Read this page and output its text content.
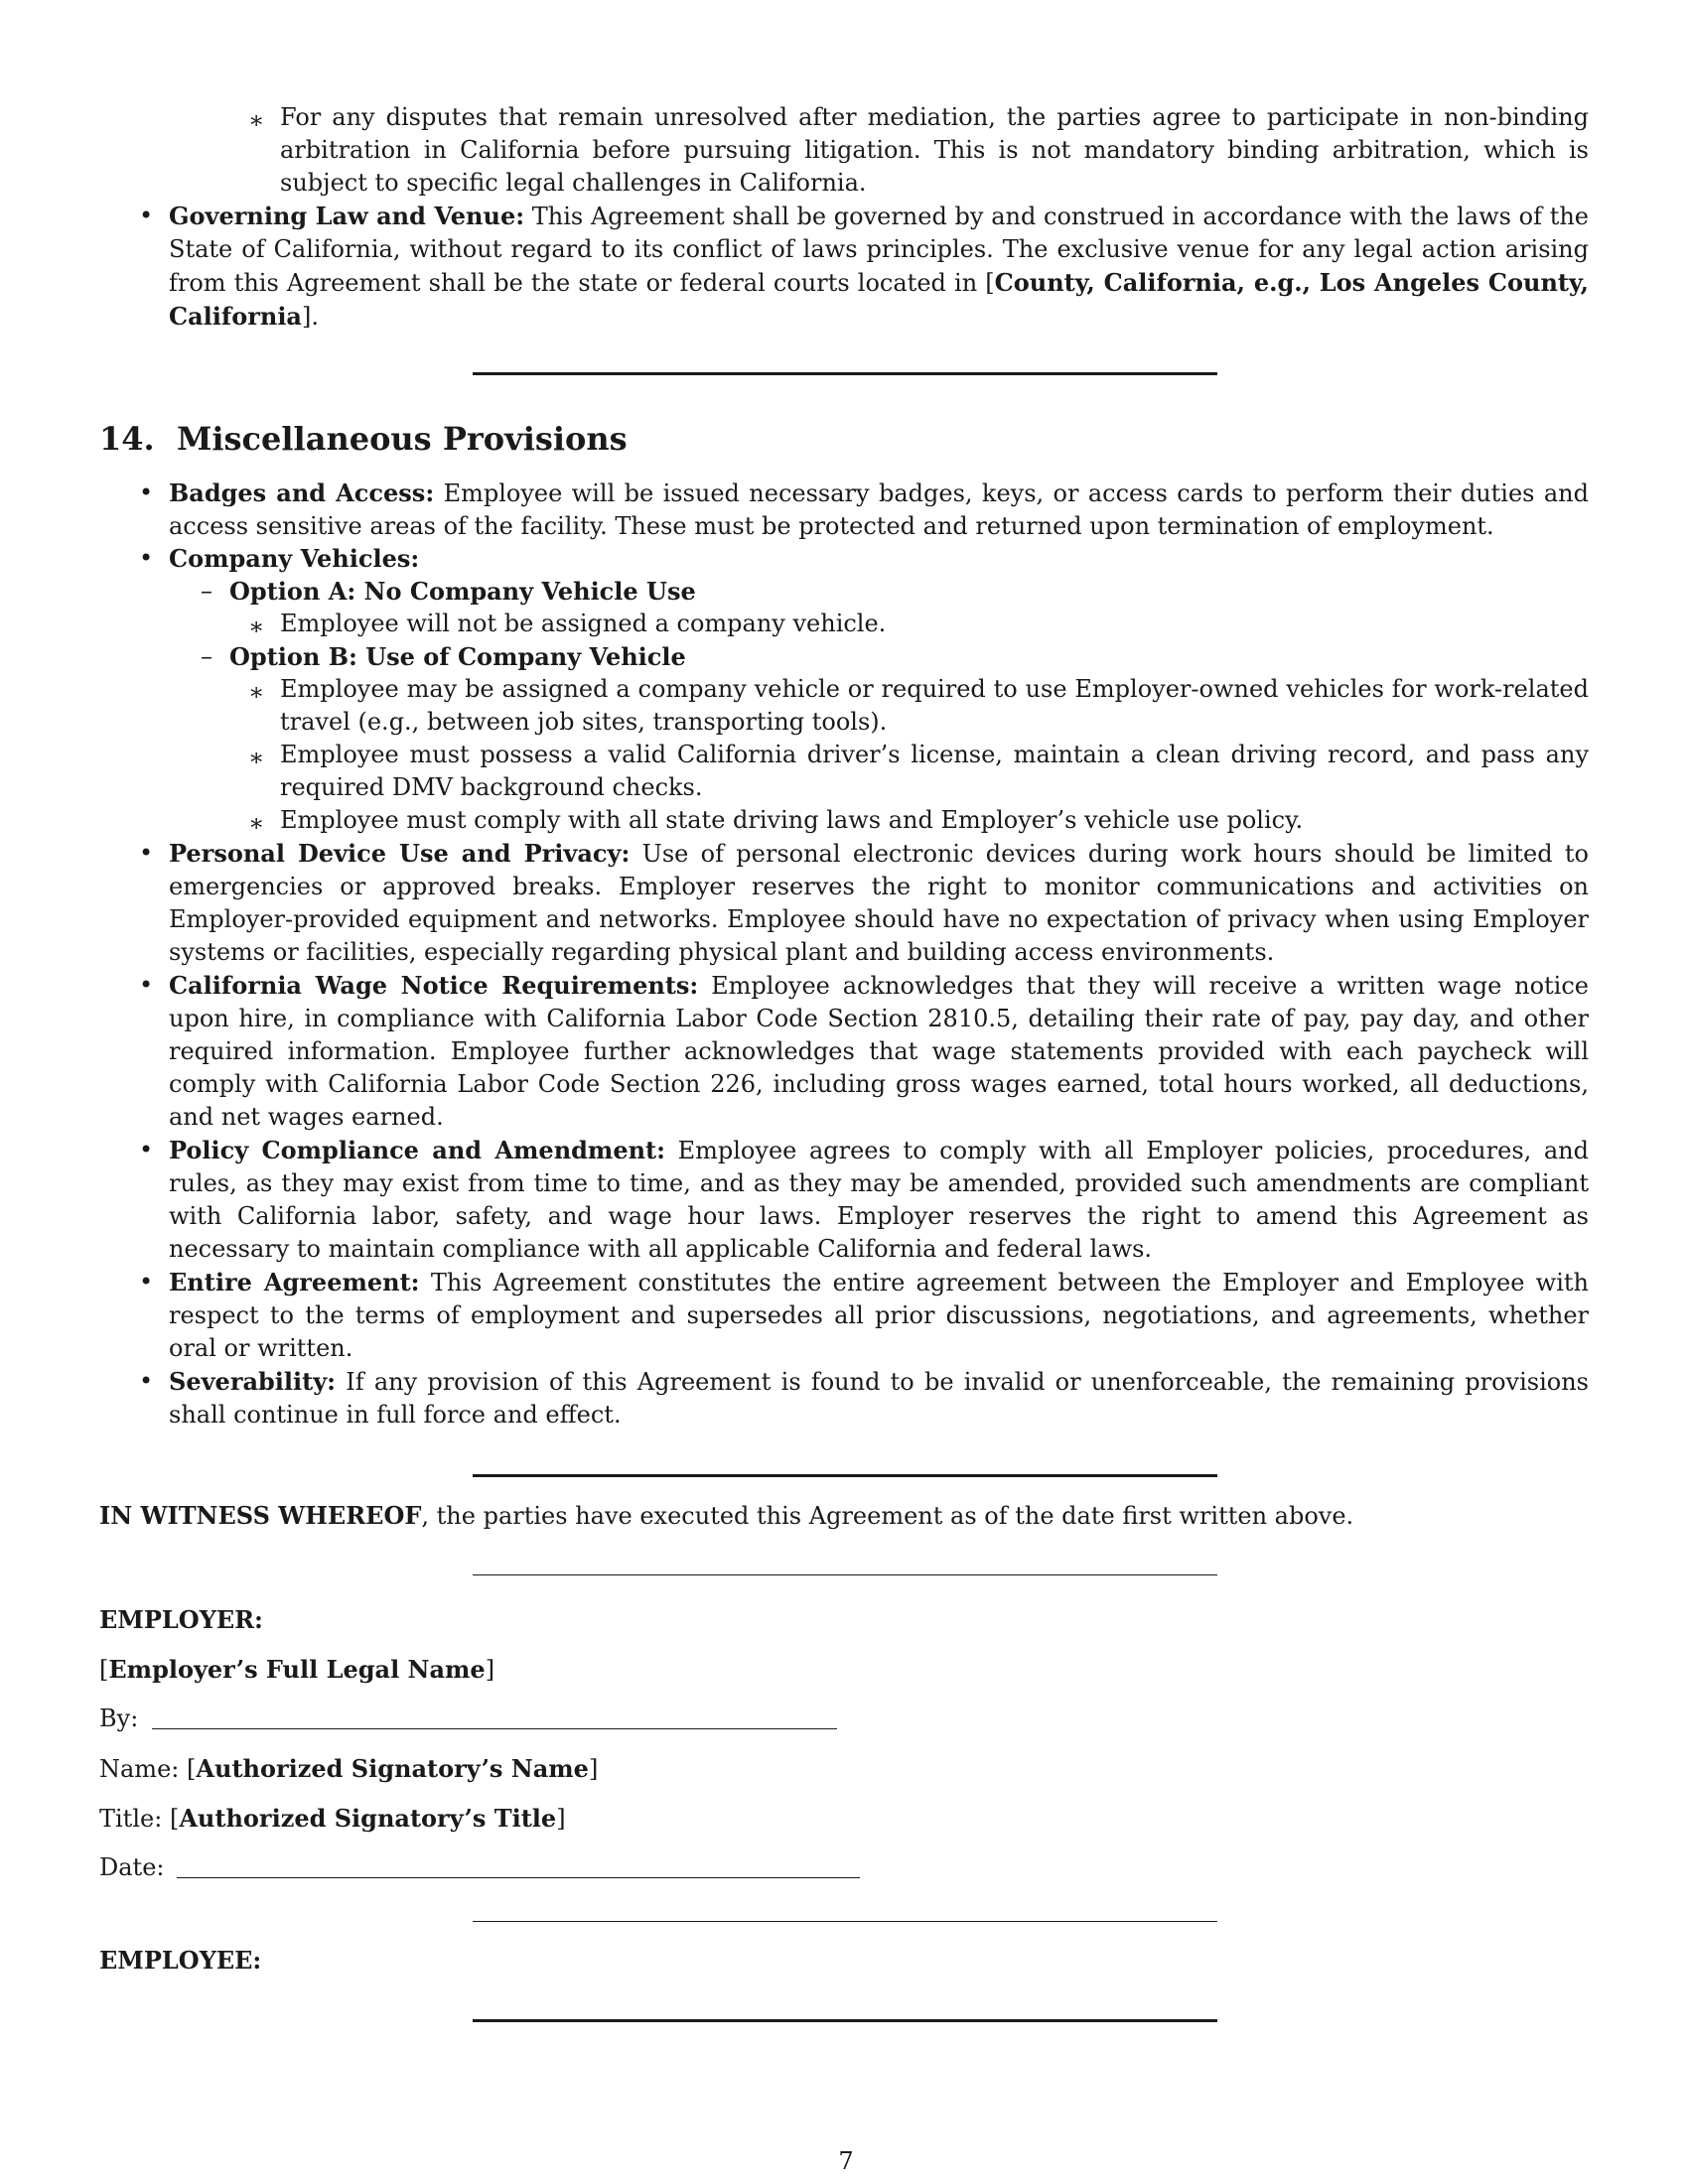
∗ For any disputes that remain unresolved after mediation, the parties agree to participate in non-binding arbitration in California before pursuing litigation. This is not mandatory binding arbitration, which is subject to specific legal challenges in California.
• Governing Law and Venue: This Agreement shall be governed by and construed in accordance with the laws of the State of California, without regard to its conflict of laws principles. The exclusive venue for any legal action arising from this Agreement shall be the state or federal courts located in [County, California, e.g., Los Angeles County, California].
14. Miscellaneous Provisions
• Badges and Access: Employee will be issued necessary badges, keys, or access cards to perform their duties and access sensitive areas of the facility. These must be protected and returned upon termination of employment.
• Company Vehicles:
– Option A: No Company Vehicle Use
∗ Employee will not be assigned a company vehicle.
– Option B: Use of Company Vehicle
∗ Employee may be assigned a company vehicle or required to use Employer-owned vehicles for work-related travel (e.g., between job sites, transporting tools).
∗ Employee must possess a valid California driver’s license, maintain a clean driving record, and pass any required DMV background checks.
∗ Employee must comply with all state driving laws and Employer’s vehicle use policy.
• Personal Device Use and Privacy: Use of personal electronic devices during work hours should be limited to emergencies or approved breaks. Employer reserves the right to monitor communications and activities on Employer-provided equipment and networks. Employee should have no expectation of privacy when using Employer systems or facilities, especially regarding physical plant and building access environments.
• California Wage Notice Requirements: Employee acknowledges that they will receive a written wage notice upon hire, in compliance with California Labor Code Section 2810.5, detailing their rate of pay, pay day, and other required information. Employee further acknowledges that wage statements provided with each paycheck will comply with California Labor Code Section 226, including gross wages earned, total hours worked, all deductions, and net wages earned.
• Policy Compliance and Amendment: Employee agrees to comply with all Employer policies, procedures, and rules, as they may exist from time to time, and as they may be amended, provided such amendments are compliant with California labor, safety, and wage hour laws. Employer reserves the right to amend this Agreement as necessary to maintain compliance with all applicable California and federal laws.
• Entire Agreement: This Agreement constitutes the entire agreement between the Employer and Employee with respect to the terms of employment and supersedes all prior discussions, negotiations, and agreements, whether oral or written.
• Severability: If any provision of this Agreement is found to be invalid or unenforceable, the remaining provisions shall continue in full force and effect.
IN WITNESS WHEREOF, the parties have executed this Agreement as of the date first written above.
EMPLOYER:
[Employer’s Full Legal Name]
By:
Name: [Authorized Signatory’s Name]
Title: [Authorized Signatory’s Title]
Date:
EMPLOYEE:
7
